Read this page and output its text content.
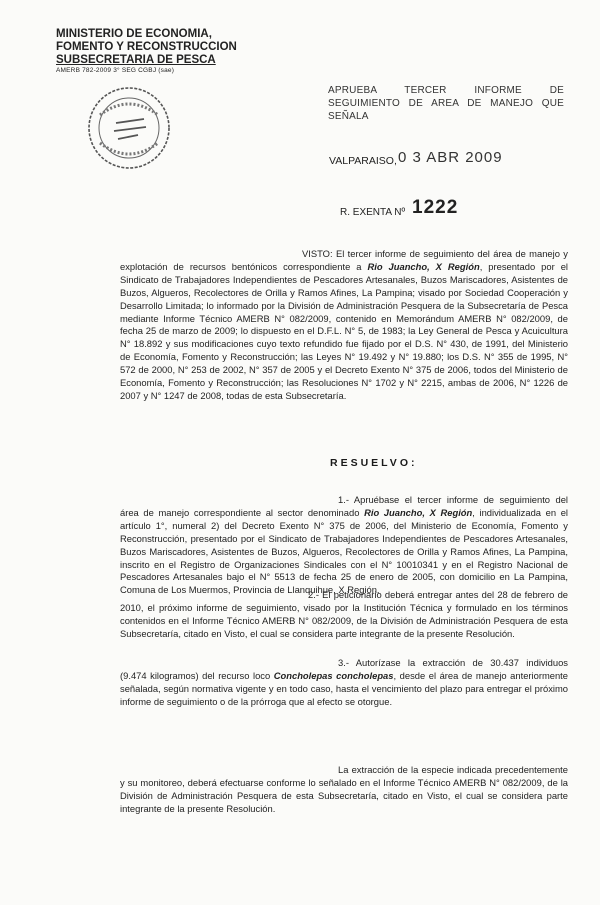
MINISTERIO DE ECONOMIA,
FOMENTO Y RECONSTRUCCION
SUBSECRETARIA DE PESCA
AMERB 782-2009 3° SEG CGBJ (sae)
APRUEBA TERCER INFORME DE SEGUIMIENTO DE AREA DE MANEJO QUE SEÑALA
VALPARAISO, 0 3 ABR 2009
R. EXENTA Nº 1222
VISTO: El tercer informe de seguimiento del área de manejo y explotación de recursos bentónicos correspondiente a Rio Juancho, X Región, presentado por el Sindicato de Trabajadores Independientes de Pescadores Artesanales, Buzos Mariscadores, Asistentes de Buzos, Algueros, Recolectores de Orilla y Ramos Afines, La Pampina; visado por Sociedad Cooperación y Desarrollo Limitada; lo informado por la División de Administración Pesquera de la Subsecretaría de Pesca mediante Informe Técnico AMERB N° 082/2009, contenido en Memorándum AMERB N° 082/2009, de fecha 25 de marzo de 2009; lo dispuesto en el D.F.L. N° 5, de 1983; la Ley General de Pesca y Acuicultura N° 18.892 y sus modificaciones cuyo texto refundido fue fijado por el D.S. N° 430, de 1991, del Ministerio de Economía, Fomento y Reconstrucción; las Leyes N° 19.492 y N° 19.880; los D.S. N° 355 de 1995, N° 572 de 2000, N° 253 de 2002, N° 357 de 2005 y el Decreto Exento N° 375 de 2006, todos del Ministerio de Economía, Fomento y Reconstrucción; las Resoluciones N° 1702 y N° 2215, ambas de 2006, N° 1226 de 2007 y N° 1247 de 2008, todas de esta Subsecretaría.
RESUELVO:
1.- Apruébase el tercer informe de seguimiento del área de manejo correspondiente al sector denominado Rio Juancho, X Región, individualizada en el artículo 1°, numeral 2) del Decreto Exento N° 375 de 2006, del Ministerio de Economía, Fomento y Reconstrucción, presentado por el Sindicato de Trabajadores Independientes de Pescadores Artesanales, Buzos Mariscadores, Asistentes de Buzos, Algueros, Recolectores de Orilla y Ramos Afines, La Pampina, inscrito en el Registro de Organizaciones Sindicales con el N° 10010341 y en el Registro Nacional de Pescadores Artesanales bajo el N° 5513 de fecha 25 de enero de 2005, con domicilio en La Pampina, Comuna de Los Muermos, Provincia de Llanquihue, X Región.
2.- El peticionario deberá entregar antes del 28 de febrero de 2010, el próximo informe de seguimiento, visado por la Institución Técnica y formulado en los términos contenidos en el Informe Técnico AMERB N° 082/2009, de la División de Administración Pesquera de esta Subsecretaría, citado en Visto, el cual se considera parte integrante de la presente Resolución.
3.- Autorízase la extracción de 30.437 individuos (9.474 kilogramos) del recurso loco Concholepas concholepas, desde el área de manejo anteriormente señalada, según normativa vigente y en todo caso, hasta el vencimiento del plazo para entregar el próximo informe de seguimiento o de la prórroga que al efecto se otorgue.
La extracción de la especie indicada precedentemente y su monitoreo, deberá efectuarse conforme lo señalado en el Informe Técnico AMERB N° 082/2009, de la División de Administración Pesquera de esta Subsecretaría, citado en Visto, el cual se considera parte integrante de la presente Resolución.
